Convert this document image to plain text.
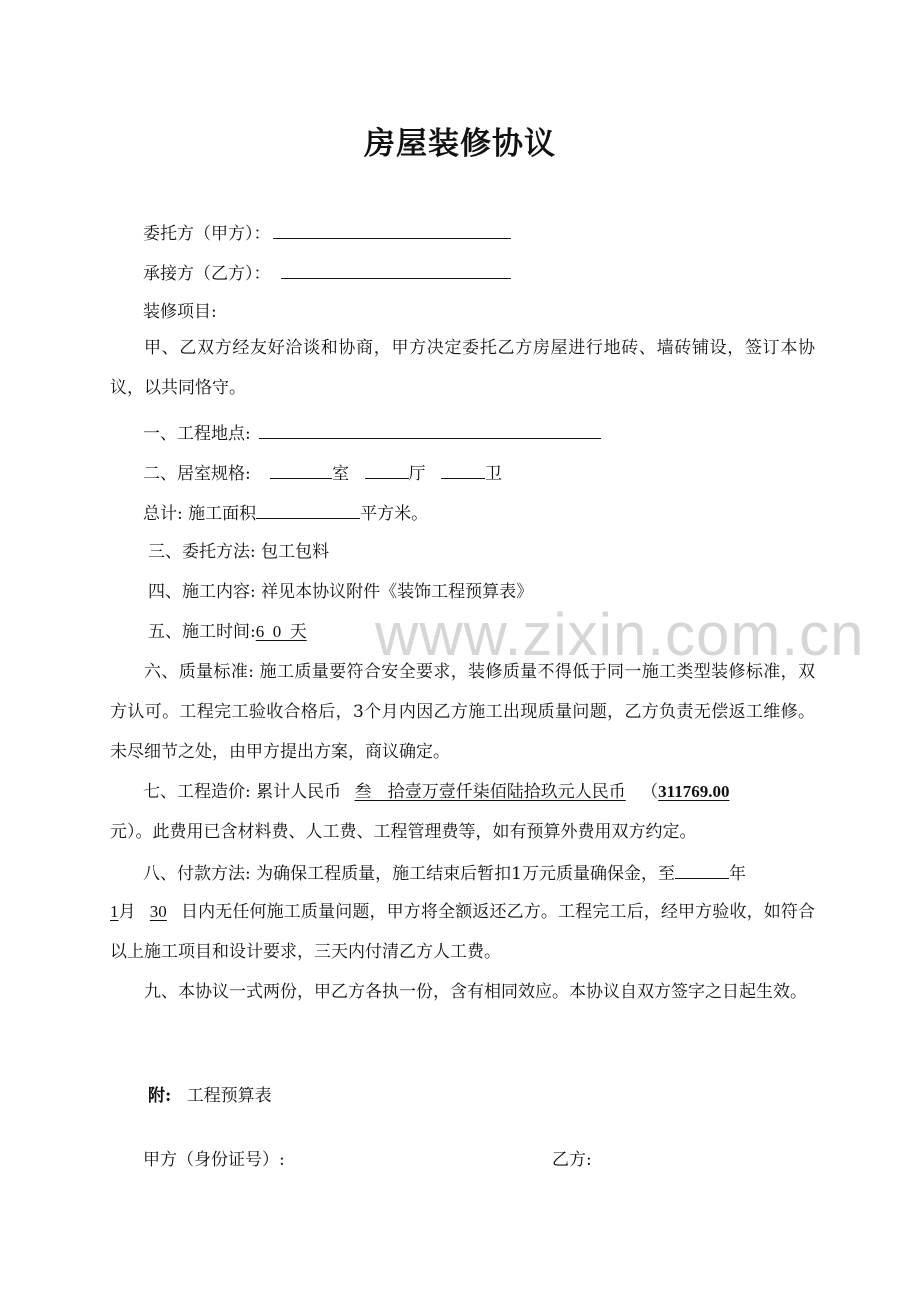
房屋装修协议
委托方（甲方）：
承接方（乙方）：
装修项目:
甲、乙双方经友好洽谈和协商，甲方决定委托乙方房屋进行地砖、墙砖铺设，签订本协议，以共同恪守。
一、工程地点:
二、居室规格:	室	厅	卫
总计: 施工面积	平方米。
三、委托方法: 包工包料
四、施工内容: 祥见本协议附件《装饰工程预算表》
五、施工时间:6  0  天
六、质量标准: 施工质量要符合安全要求，装修质量不得低于同一施工类型装修标准，双方认可。工程完工验收合格后，3个月内因乙方施工出现质量问题，乙方负责无偿返工维修。未尽细节之处，由甲方提出方案，商议确定。
七、工程造价: 累计人民币 叁   拾壹万壹仟柒佰陆拾玖元人民币 （311769.00
元）。此费用已含材料费、人工费、工程管理费等，如有预算外费用双方约定。
八、付款方法: 为确保工程质量，施工结束后暂扣1万元质量确保金，至	年
1月 30 日内无任何施工质量问题，甲方将全额返还乙方。工程完工后，经甲方验收，如符合以上施工项目和设计要求，三天内付清乙方人工费。
九、本协议一式两份，甲乙方各执一份，含有相同效应。本协议自双方签字之日起生效。
附: 工程预算表
甲方（身份证号）:	乙方:
www.zixin.com.cn
